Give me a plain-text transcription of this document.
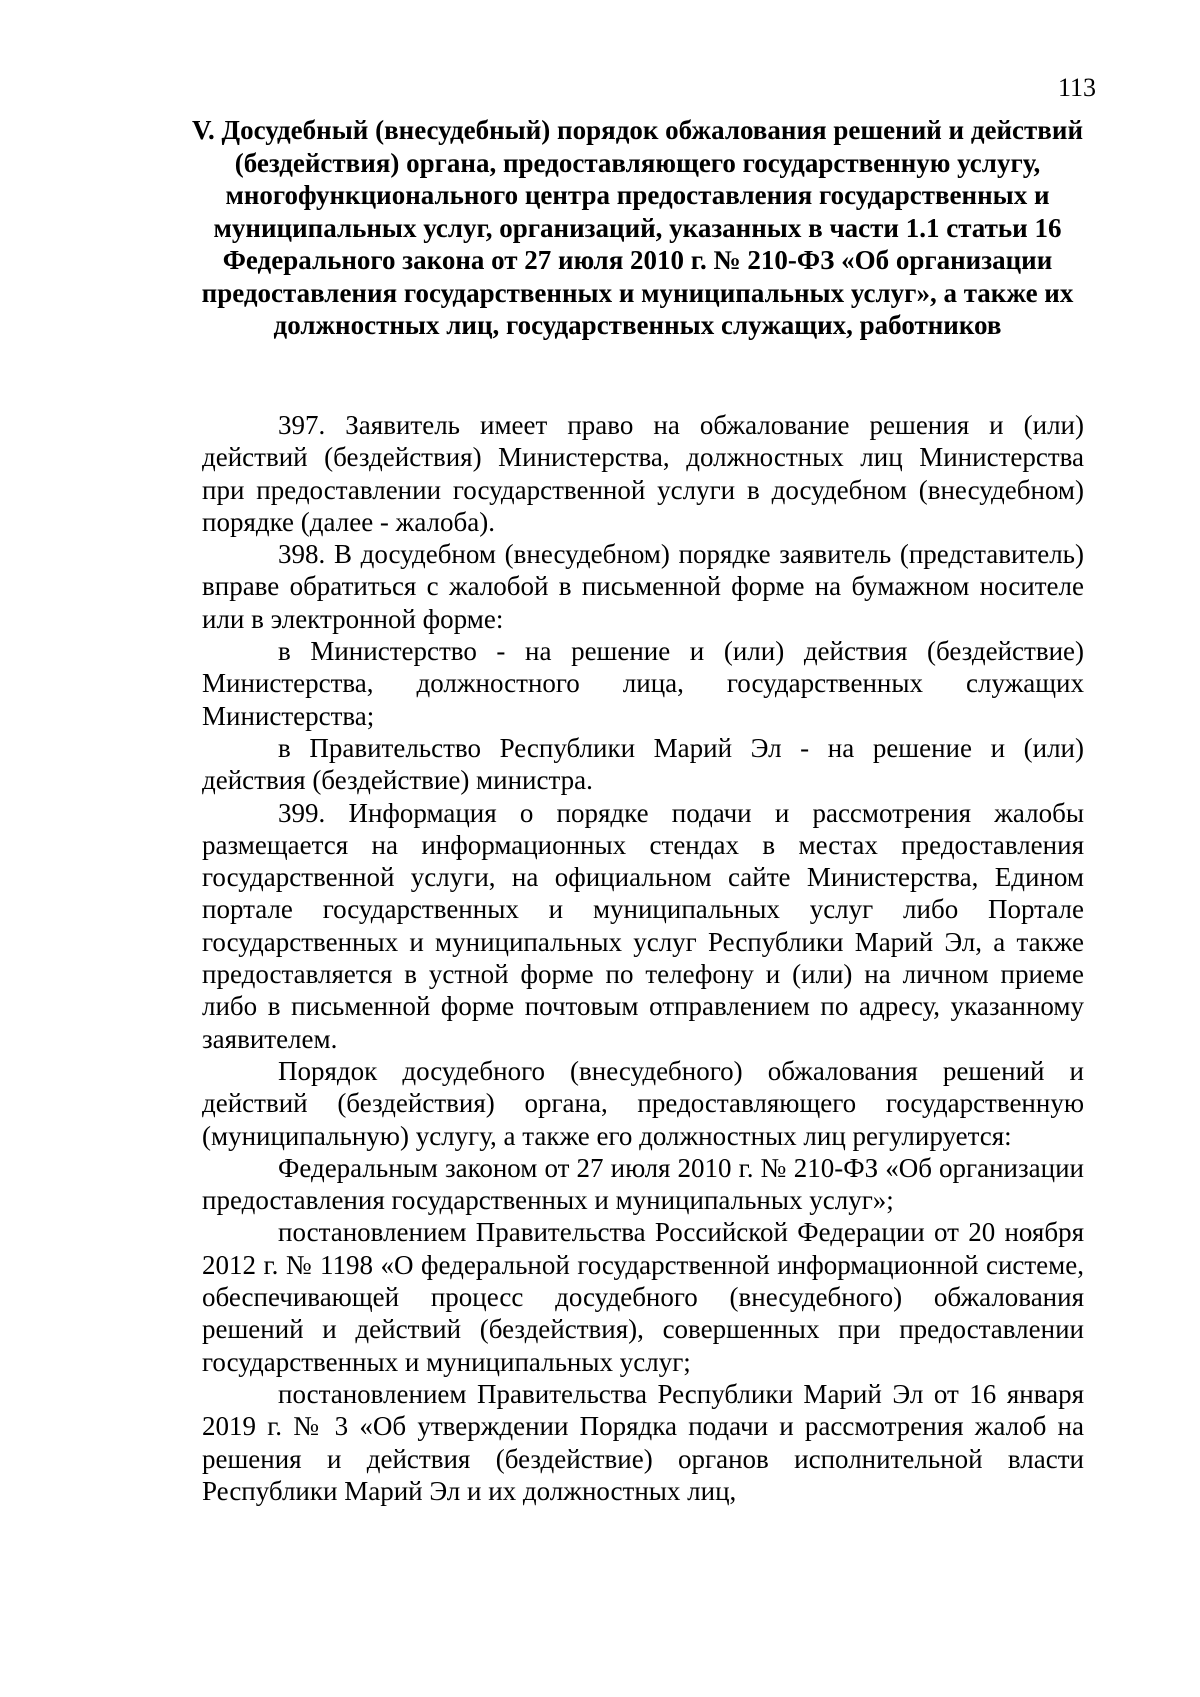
113

V. Досудебный (внесудебный) порядок обжалования решений и действий (бездействия) органа, предоставляющего государственную услугу, многофункционального центра предоставления государственных и муниципальных услуг, организаций, указанных в части 1.1 статьи 16 Федерального закона от 27 июля 2010 г. № 210-ФЗ «Об организации предоставления государственных и муниципальных услуг», а также их должностных лиц, государственных служащих, работников

397. Заявитель имеет право на обжалование решения и (или) действий (бездействия) Министерства, должностных лиц Министерства при предоставлении государственной услуги в досудебном (внесудебном) порядке (далее - жалоба).

398. В досудебном (внесудебном) порядке заявитель (представитель) вправе обратиться с жалобой в письменной форме на бумажном носителе или в электронной форме:

в Министерство - на решение и (или) действия (бездействие) Министерства, должностного лица, государственных служащих Министерства;

в Правительство Республики Марий Эл - на решение и (или) действия (бездействие) министра.

399. Информация о порядке подачи и рассмотрения жалобы размещается на информационных стендах в местах предоставления государственной услуги, на официальном сайте Министерства, Едином портале государственных и муниципальных услуг либо Портале государственных и муниципальных услуг Республики Марий Эл, а также предоставляется в устной форме по телефону и (или) на личном приеме либо в письменной форме почтовым отправлением по адресу, указанному заявителем.

Порядок досудебного (внесудебного) обжалования решений и действий (бездействия) органа, предоставляющего государственную (муниципальную) услугу, а также его должностных лиц регулируется:

Федеральным законом от 27 июля 2010 г. № 210-ФЗ «Об организации предоставления государственных и муниципальных услуг»;

постановлением Правительства Российской Федерации от 20 ноября 2012 г. № 1198 «О федеральной государственной информационной системе, обеспечивающей процесс досудебного (внесудебного) обжалования решений и действий (бездействия), совершенных при предоставлении государственных и муниципальных услуг;

постановлением Правительства Республики Марий Эл от 16 января 2019 г. № 3 «Об утверждении Порядка подачи и рассмотрения жалоб на решения и действия (бездействие) органов исполнительной власти Республики Марий Эл и их должностных лиц,
